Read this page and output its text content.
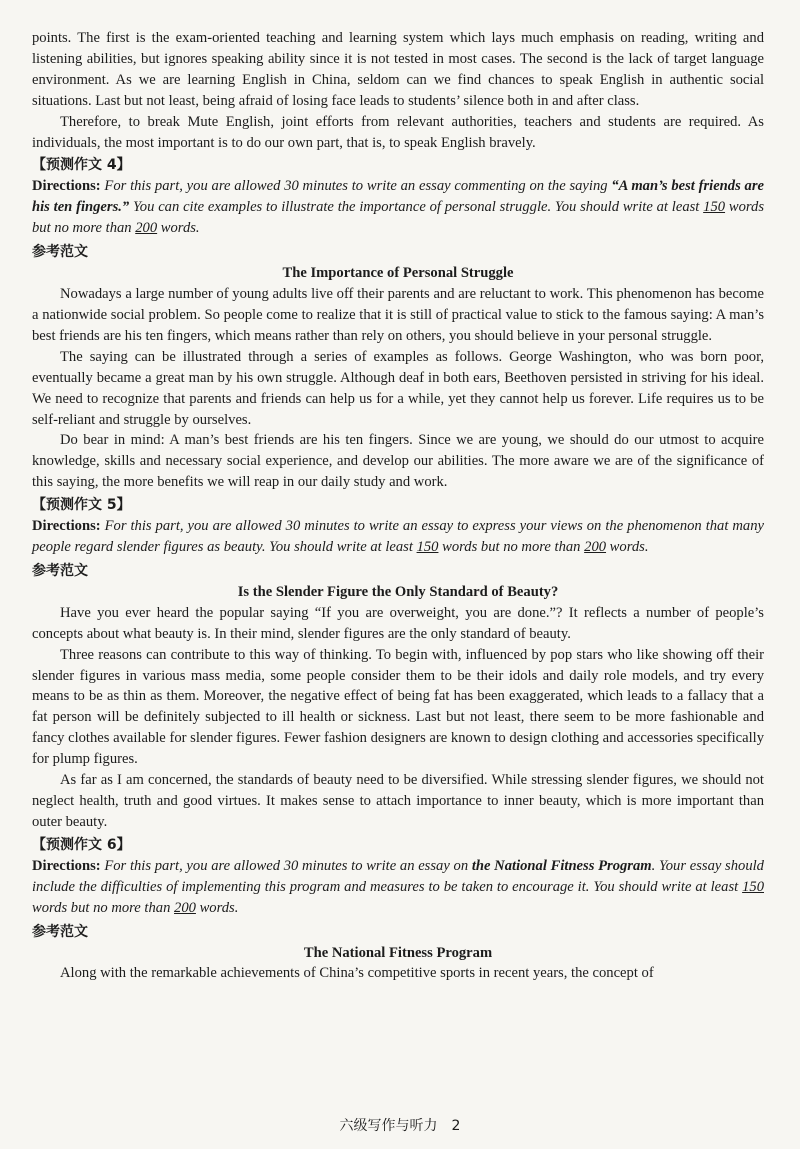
points. The first is the exam-oriented teaching and learning system which lays much emphasis on reading, writing and listening abilities, but ignores speaking ability since it is not tested in most cases. The second is the lack of target language environment. As we are learning English in China, seldom can we find chances to speak English in authentic social situations. Last but not least, being afraid of losing face leads to students’ silence both in and after class.

Therefore, to break Mute English, joint efforts from relevant authorities, teachers and students are required. As individuals, the most important is to do our own part, that is, to speak English bravely.

【预测作文 4】
Directions: For this part, you are allowed 30 minutes to write an essay commenting on the saying “A man’s best friends are his ten fingers.” You can cite examples to illustrate the importance of personal struggle. You should write at least 150 words but no more than 200 words.
参考范文
The Importance of Personal Struggle

Nowadays a large number of young adults live off their parents and are reluctant to work. This phenomenon has become a nationwide social problem. So people come to realize that it is still of practical value to stick to the famous saying: A man’s best friends are his ten fingers, which means rather than rely on others, you should believe in your personal struggle.

The saying can be illustrated through a series of examples as follows. George Washington, who was born poor, eventually became a great man by his own struggle. Although deaf in both ears, Beethoven persisted in striving for his ideal. We need to recognize that parents and friends can help us for a while, yet they cannot help us forever. Life requires us to be self-reliant and struggle by ourselves.

Do bear in mind: A man’s best friends are his ten fingers. Since we are young, we should do our utmost to acquire knowledge, skills and necessary social experience, and develop our abilities. The more aware we are of the significance of this saying, the more benefits we will reap in our daily study and work.

【预测作文 5】
Directions: For this part, you are allowed 30 minutes to write an essay to express your views on the phenomenon that many people regard slender figures as beauty. You should write at least 150 words but no more than 200 words.
参考范文
Is the Slender Figure the Only Standard of Beauty?

Have you ever heard the popular saying “If you are overweight, you are done.”? It reflects a number of people’s concepts about what beauty is. In their mind, slender figures are the only standard of beauty.

Three reasons can contribute to this way of thinking. To begin with, influenced by pop stars who like showing off their slender figures in various mass media, some people consider them to be their idols and daily role models, and try every means to be as thin as them. Moreover, the negative effect of being fat has been exaggerated, which leads to a fallacy that a fat person will be definitely subjected to ill health or sickness. Last but not least, there seem to be more fashionable and fancy clothes available for slender figures. Fewer fashion designers are known to design clothing and accessories specifically for plump figures.

As far as I am concerned, the standards of beauty need to be diversified. While stressing slender figures, we should not neglect health, truth and good virtues. It makes sense to attach importance to inner beauty, which is more important than outer beauty.

【预测作文 6】
Directions: For this part, you are allowed 30 minutes to write an essay on the National Fitness Program. Your essay should include the difficulties of implementing this program and measures to be taken to encourage it. You should write at least 150 words but no more than 200 words.
参考范文
The National Fitness Program

Along with the remarkable achievements of China’s competitive sports in recent years, the concept of

六级写作与听力　2
